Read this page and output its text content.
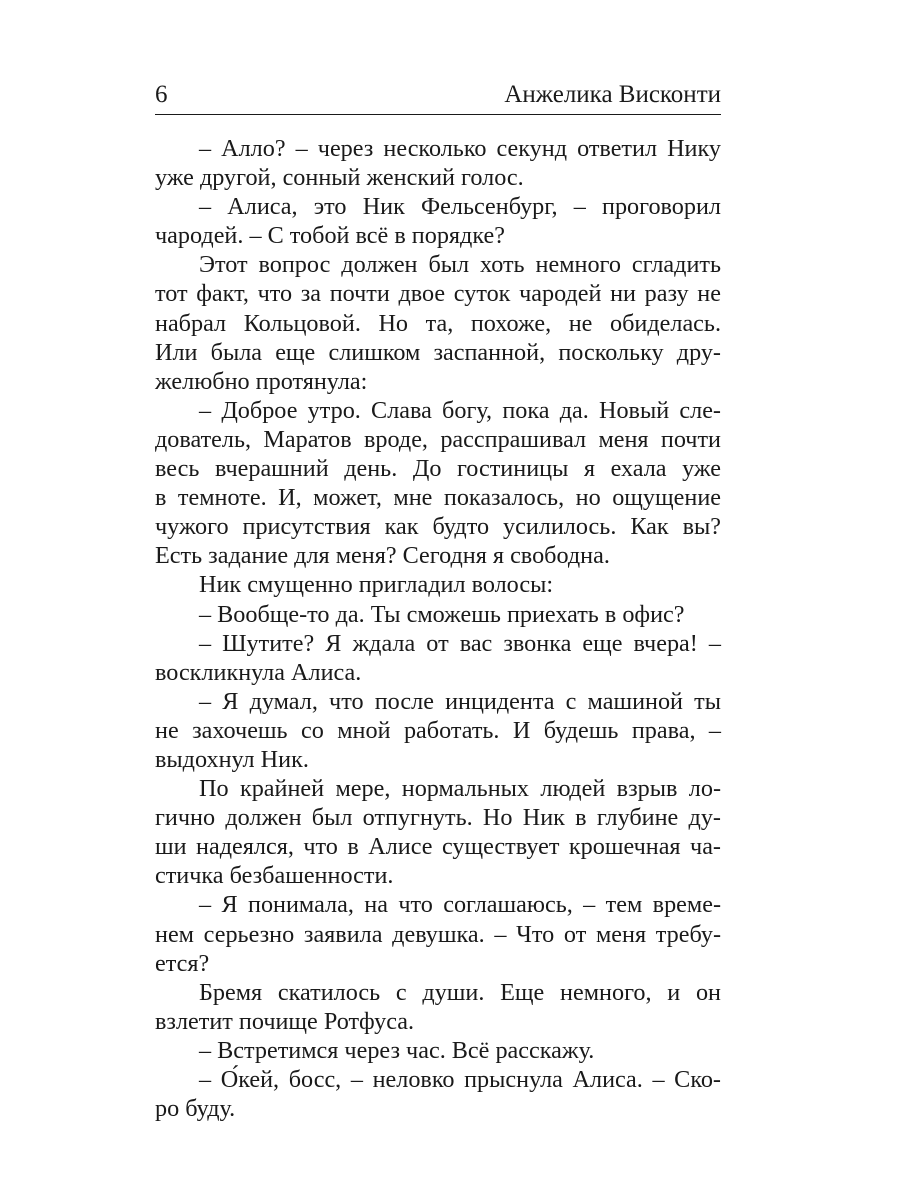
6	Анжелика Висконти
– Алло? – через несколько секунд ответил Нику
уже другой, сонный женский голос.
– Алиса, это Ник Фельсенбург, – проговорил
чародей. – С тобой всё в порядке?
Этот вопрос должен был хоть немного сгладить
тот факт, что за почти двое суток чародей ни разу не
набрал Кольцовой. Но та, похоже, не обиделась.
Или была еще слишком заспанной, поскольку дру-
желюбно протянула:
– Доброе утро. Слава богу, пока да. Новый сле-
дователь, Маратов вроде, расспрашивал меня почти
весь вчерашний день. До гостиницы я ехала уже
в темноте. И, может, мне показалось, но ощущение
чужого присутствия как будто усилилось. Как вы?
Есть задание для меня? Сегодня я свободна.
Ник смущенно пригладил волосы:
– Вообще-то да. Ты сможешь приехать в офис?
– Шутите? Я ждала от вас звонка еще вчера! –
воскликнула Алиса.
– Я думал, что после инцидента с машиной ты
не захочешь со мной работать. И будешь права, –
выдохнул Ник.
По крайней мере, нормальных людей взрыв ло-
гично должен был отпугнуть. Но Ник в глубине ду-
ши надеялся, что в Алисе существует крошечная ча-
стичка безбашенности.
– Я понимала, на что соглашаюсь, – тем време-
нем серьезно заявила девушка. – Что от меня требу-
ется?
Бремя скатилось с души. Еще немного, и он
взлетит почище Ротфуса.
– Встретимся через час. Всё расскажу.
– О́кей, босс, – неловко прыснула Алиса. – Ско-
ро буду.
